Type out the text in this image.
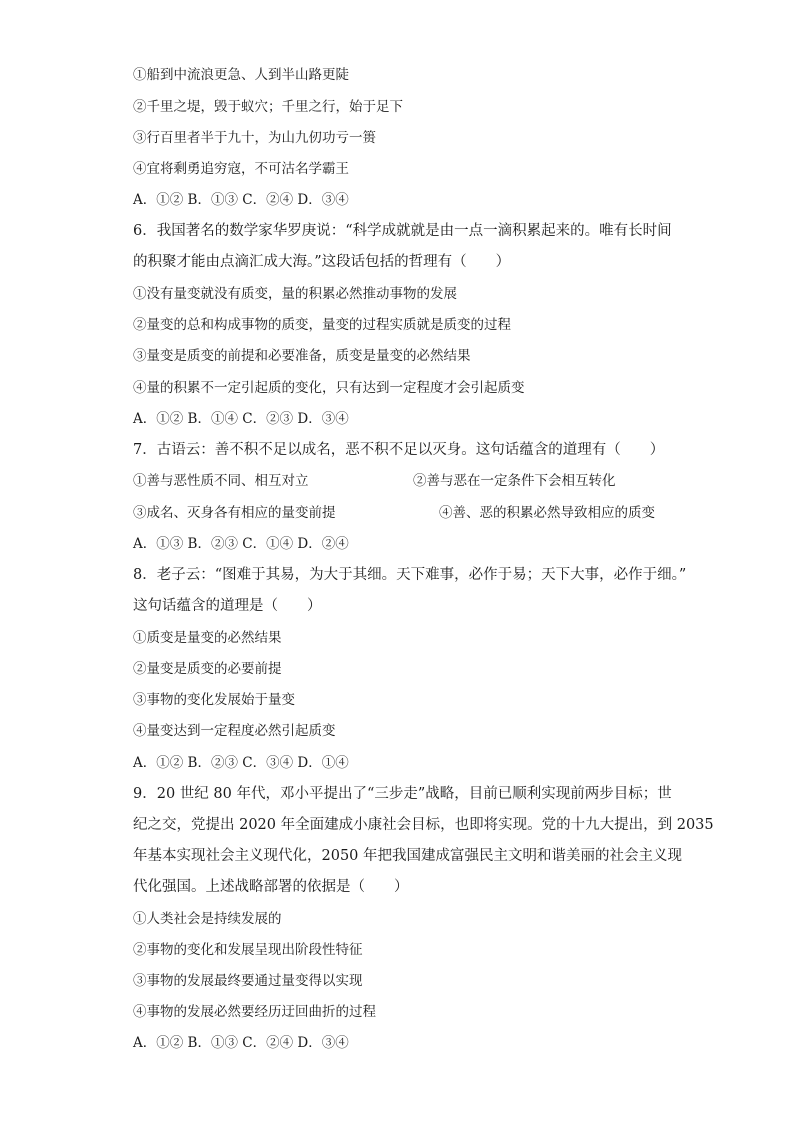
①船到中流浪更急、人到半山路更陡
②千里之堤，毁于蚁穴；千里之行，始于足下
③行百里者半于九十，为山九仞功亏一篑
④宜将剩勇追穷寇，不可沽名学霸王
A．①② B．①③ C．②④ D．③④
6．我国著名的数学家华罗庚说：“科学成就就是由一点一滴积累起来的。唯有长时间
的积聚才能由点滴汇成大海。”这段话包括的哲理有（　　）
①没有量变就没有质变，量的积累必然推动事物的发展
②量变的总和构成事物的质变，量变的过程实质就是质变的过程
③量变是质变的前提和必要准备，质变是量变的必然结果
④量的积累不一定引起质的变化，只有达到一定程度才会引起质变
A．①② B．①④ C．②③ D．③④
7．古语云：善不积不足以成名，恶不积不足以灭身。这句话蕴含的道理有（　　）
①善与恶性质不同、相互对立	②善与恶在一定条件下会相互转化
③成名、灭身各有相应的量变前提	④善、恶的积累必然导致相应的质变
A．①③ B．②③ C．①④ D．②④
8．老子云：“图难于其易，为大于其细。天下难事，必作于易；天下大事，必作于细。”
这句话蕴含的道理是（　　）
①质变是量变的必然结果
②量变是质变的必要前提
③事物的变化发展始于量变
④量变达到一定程度必然引起质变
A．①② B．②③ C．③④ D．①④
9．20 世纪 80 年代，邓小平提出了“三步走”战略，目前已顺利实现前两步目标；世
纪之交，党提出 2020 年全面建成小康社会目标，也即将实现。党的十九大提出，到 2035
年基本实现社会主义现代化，2050 年把我国建成富强民主文明和谐美丽的社会主义现
代化强国。上述战略部署的依据是（　　）
①人类社会是持续发展的
②事物的变化和发展呈现出阶段性特征
③事物的发展最终要通过量变得以实现
④事物的发展必然要经历迂回曲折的过程
A．①② B．①③ C．②④ D．③④
